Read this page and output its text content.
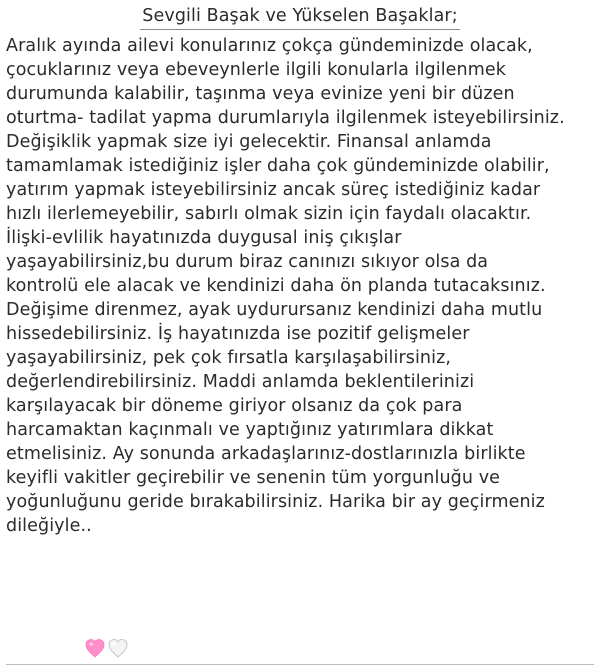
Sevgili Başak ve Yükselen Başaklar;
Aralık ayında ailevi konularınız çokça gündeminizde olacak,
çocuklarınız veya ebeveynlerle ilgili konularla ilgilenmek
durumunda kalabilir, taşınma veya evinize yeni bir düzen
oturtma- tadilat yapma durumlarıyla ilgilenmek isteyebilirsiniz.
Değişiklik yapmak size iyi gelecektir. Finansal anlamda
tamamlamak istediğiniz işler daha çok gündeminizde olabilir,
yatırım yapmak isteyebilirsiniz ancak süreç istediğiniz kadar
hızlı ilerlemeyebilir, sabırlı olmak sizin için faydalı olacaktır.
İlişki-evlilik hayatınızda duygusal iniş çıkışlar
yaşayabilirsiniz,bu durum biraz canınızı sıkıyor olsa da
kontrolü ele alacak ve kendinizi daha ön planda tutacaksınız.
Değişime direnmez, ayak uydurursanız kendinizi daha mutlu
hissedebilirsiniz. İş hayatınızda ise pozitif gelişmeler
yaşayabilirsiniz, pek çok fırsatla karşılaşabilirsiniz,
değerlendirebilirsiniz. Maddi anlamda beklentilerinizi
karşılayacak bir döneme giriyor olsanız da çok para
harcamaktan kaçınmalı ve yaptığınız yatırımlara dikkat
etmelisiniz. Ay sonunda arkadaşlarınız-dostlarınızla birlikte
keyifli vakitler geçirebilir ve senenin tüm yorgunluğu ve
yoğunluğunu geride bırakabilirsiniz. Harika bir ay geçirmeniz
dileğiyle..
